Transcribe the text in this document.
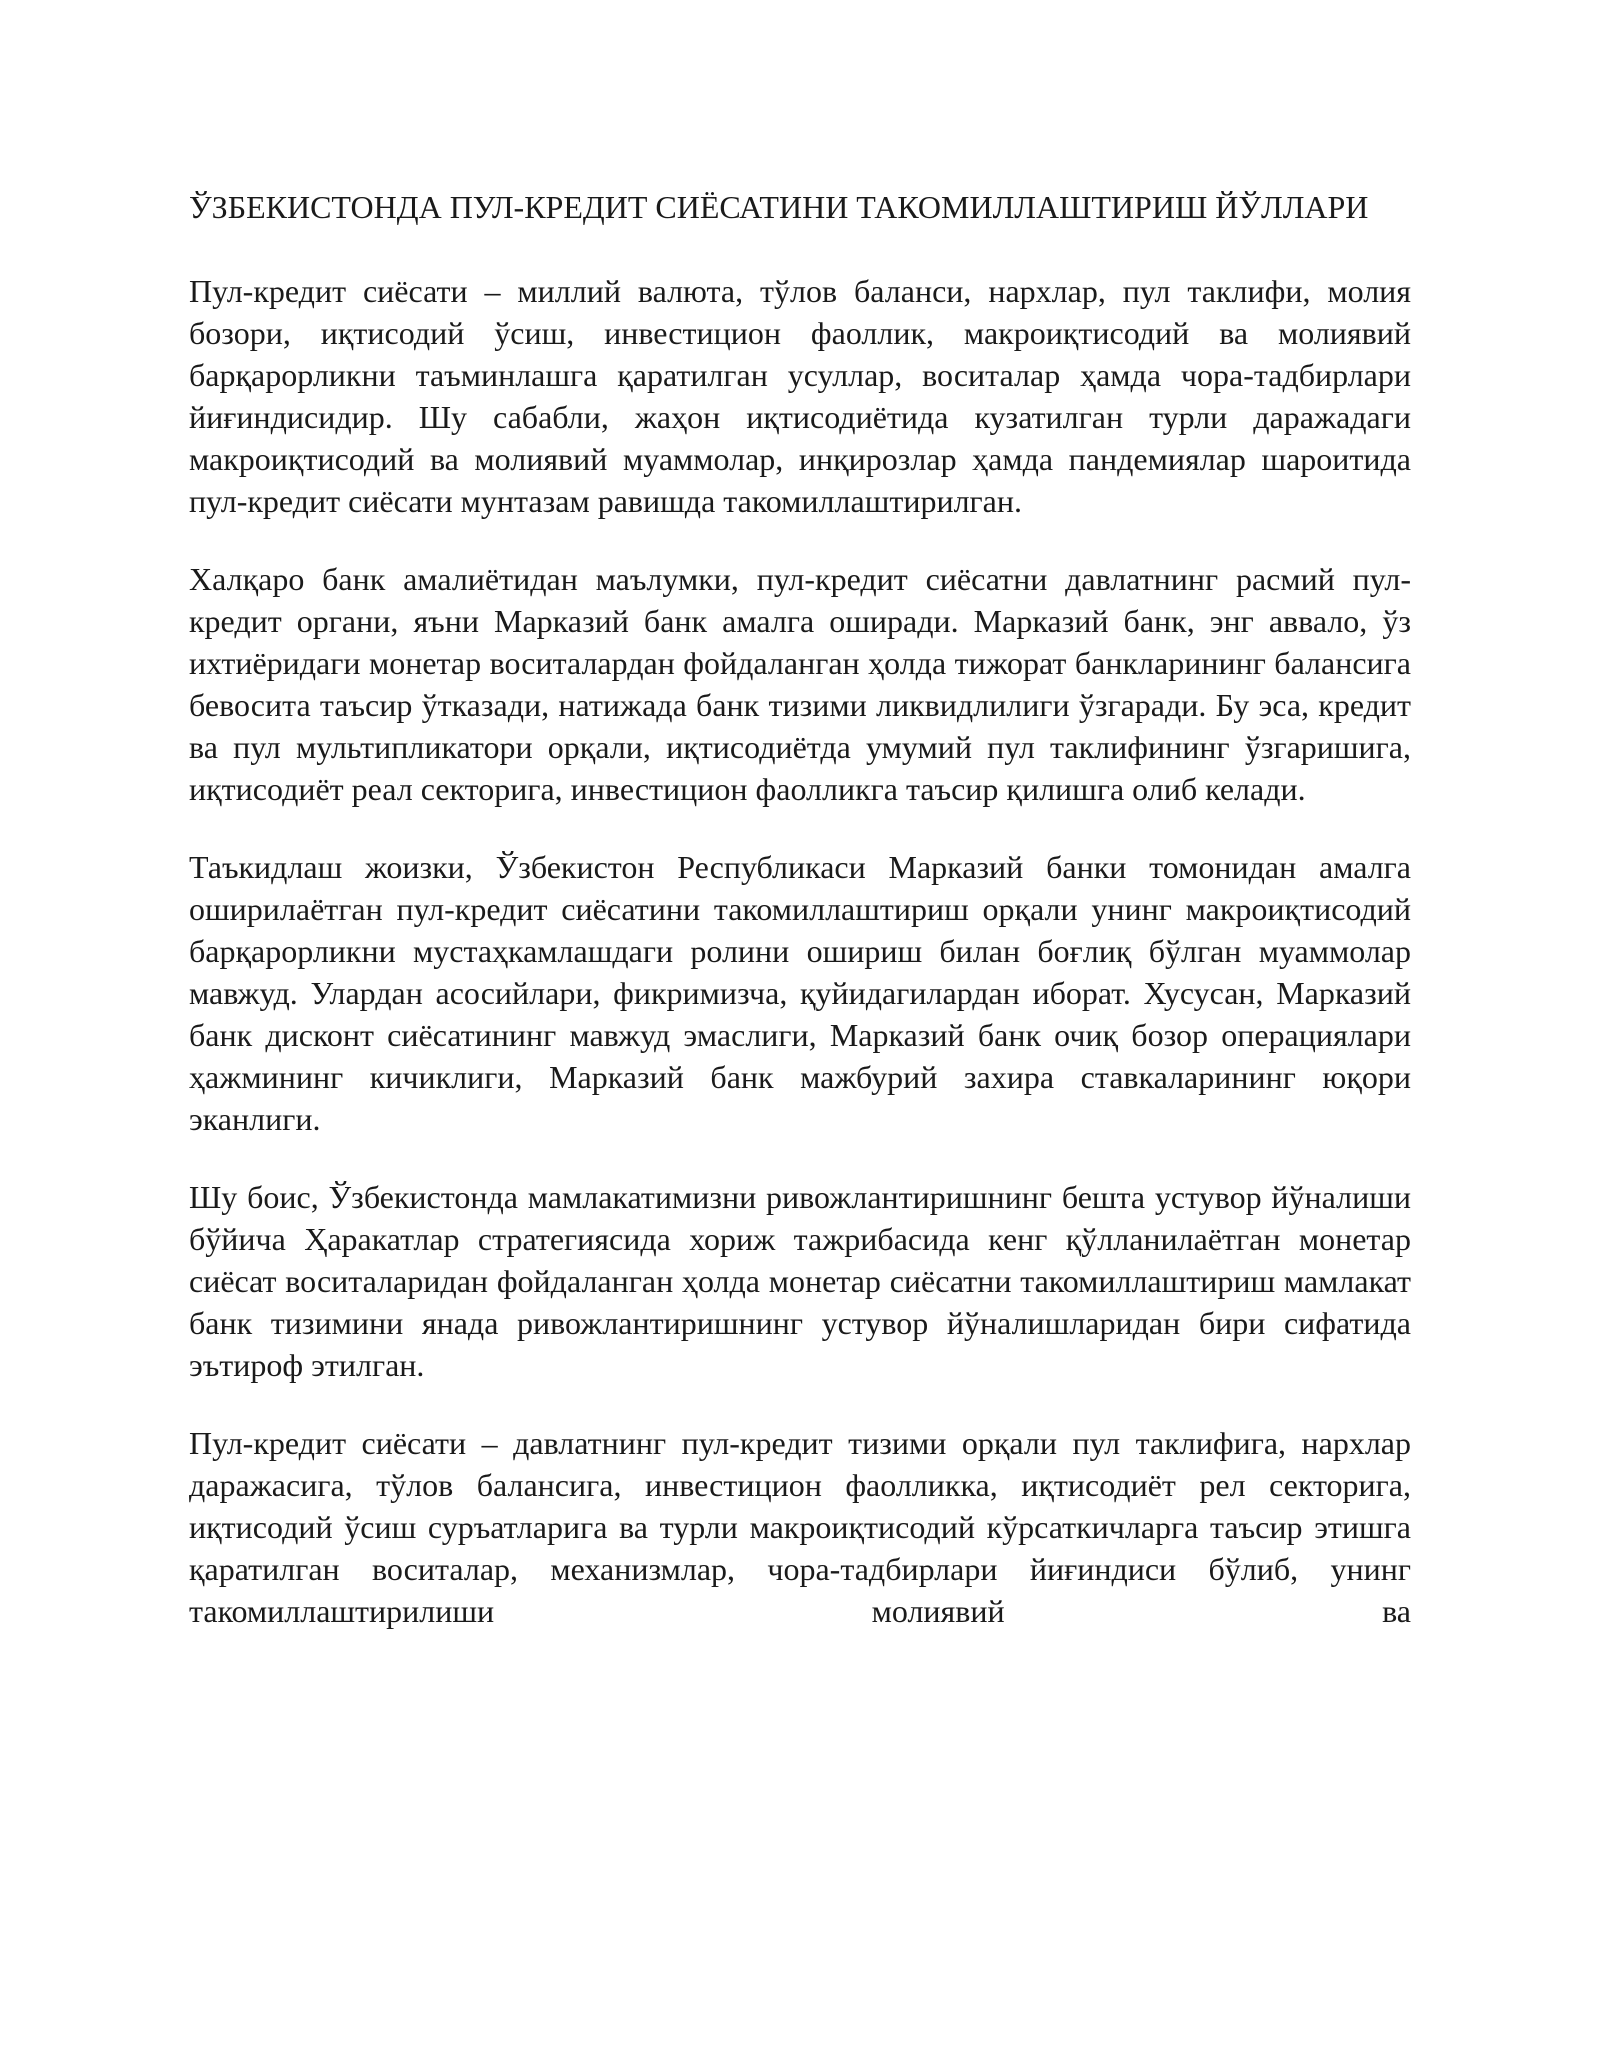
ЎЗБЕКИСТОНДА ПУЛ-КРЕДИТ СИЁСАТИНИ ТАКОМИЛЛАШТИРИШ ЙЎЛЛАРИ

Пул-кредит сиёсати – миллий валюта, тўлов баланси, нархлар, пул таклифи, молия бозори, иқтисодий ўсиш, инвестицион фаоллик, макроиқтисодий ва молиявий барқарорликни таъминлашга қаратилган усуллар, воситалар ҳамда чора-тадбирлари йиғиндисидир. Шу сабабли, жаҳон иқтисодиётида кузатилган турли даражадаги макроиқтисодий ва молиявий муаммолар, инқирозлар ҳамда пандемиялар шароитида пул-кредит сиёсати мунтазам равишда такомиллаштирилган.

Халқаро банк амалиётидан маълумки, пул-кредит сиёсатни давлатнинг расмий пул-кредит органи, яъни Марказий банк амалга оширади. Марказий банк, энг аввало, ўз ихтиёридаги монетар воситалардан фойдаланган ҳолда тижорат банкларининг балансига бевосита таъсир ўтказади, натижада банк тизими ликвидлилиги ўзгаради. Бу эса, кредит ва пул мультипликатори орқали, иқтисодиётда умумий пул таклифининг ўзгаришига, иқтисодиёт реал секторига, инвестицион фаолликга таъсир қилишга олиб келади.

Таъкидлаш жоизки, Ўзбекистон Республикаси Марказий банки томонидан амалга оширилаётган пул-кредит сиёсатини такомиллаштириш орқали унинг макроиқтисодий барқарорликни мустаҳкамлашдаги ролини ошириш билан боғлиқ бўлган муаммолар мавжуд. Улардан асосийлари, фикримизча, қуйидагилардан иборат. Хусусан, Марказий банк дисконт сиёсатининг мавжуд эмаслиги, Марказий банк очиқ бозор операциялари ҳажмининг кичиклиги, Марказий банк мажбурий захира ставкаларининг юқори эканлиги.

Шу боис, Ўзбекистонда мамлакатимизни ривожлантиришнинг бешта устувор йўналиши бўйича Ҳаракатлар стратегиясида хориж тажрибасида кенг қўлланилаётган монетар сиёсат воситаларидан фойдаланган ҳолда монетар сиёсатни такомиллаштириш мамлакат банк тизимини янада ривожлантиришнинг устувор йўналишларидан бири сифатида эътироф этилган.

Пул-кредит сиёсати – давлатнинг пул-кредит тизими орқали пул таклифига, нархлар даражасига, тўлов балансига, инвестицион фаолликка, иқтисодиёт рел секторига, иқтисодий ўсиш суръатларига ва турли макроиқтисодий кўрсаткичларга таъсир этишга қаратилган воситалар, механизмлар, чора-тадбирлари йиғиндиси бўлиб, унинг такомиллаштирилиши молиявий ва
